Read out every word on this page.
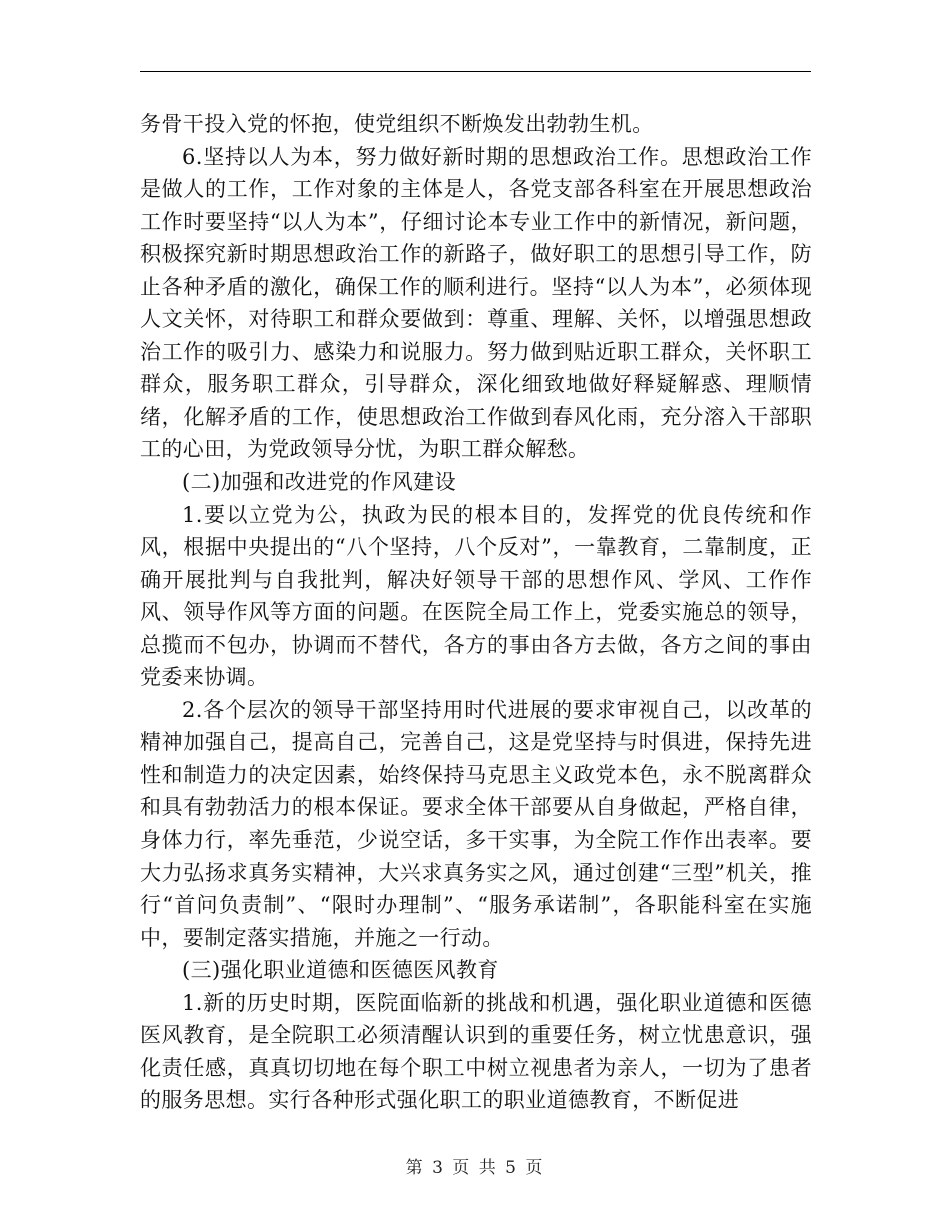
务骨干投入党的怀抱，使党组织不断焕发出勃勃生机。

6.坚持以人为本，努力做好新时期的思想政治工作。思想政治工作是做人的工作，工作对象的主体是人，各党支部各科室在开展思想政治工作时要坚持“以人为本”，仔细讨论本专业工作中的新情况，新问题，积极探究新时期思想政治工作的新路子，做好职工的思想引导工作，防止各种矛盾的激化，确保工作的顺利进行。坚持“以人为本”，必须体现人文关怀，对待职工和群众要做到：尊重、理解、关怀，以增强思想政治工作的吸引力、感染力和说服力。努力做到贴近职工群众，关怀职工群众，服务职工群众，引导群众，深化细致地做好释疑解惑、理顺情绪，化解矛盾的工作，使思想政治工作做到春风化雨，充分溶入干部职工的心田，为党政领导分忧，为职工群众解愁。

(二)加强和改进党的作风建设

1.要以立党为公，执政为民的根本目的，发挥党的优良传统和作风，根据中央提出的“八个坚持，八个反对”，一靠教育，二靠制度，正确开展批判与自我批判，解决好领导干部的思想作风、学风、工作作风、领导作风等方面的问题。在医院全局工作上，党委实施总的领导，总揽而不包办，协调而不替代，各方的事由各方去做，各方之间的事由党委来协调。

2.各个层次的领导干部坚持用时代进展的要求审视自己，以改革的精神加强自己，提高自己，完善自己，这是党坚持与时俱进，保持先进性和制造力的决定因素，始终保持马克思主义政党本色，永不脱离群众和具有勃勃活力的根本保证。要求全体干部要从自身做起，严格自律，身体力行，率先垂范，少说空话，多干实事，为全院工作作出表率。要大力弘扬求真务实精神，大兴求真务实之风，通过创建“三型”机关，推行“首问负责制”、“限时办理制”、“服务承诺制”，各职能科室在实施中，要制定落实措施，并施之一行动。

(三)强化职业道德和医德医风教育

1.新的历史时期，医院面临新的挑战和机遇，强化职业道德和医德医风教育，是全院职工必须清醒认识到的重要任务，树立忧患意识，强化责任感，真真切切地在每个职工中树立视患者为亲人，一切为了患者的服务思想。实行各种形式强化职工的职业道德教育，不断促进

第 3 页 共 5 页
